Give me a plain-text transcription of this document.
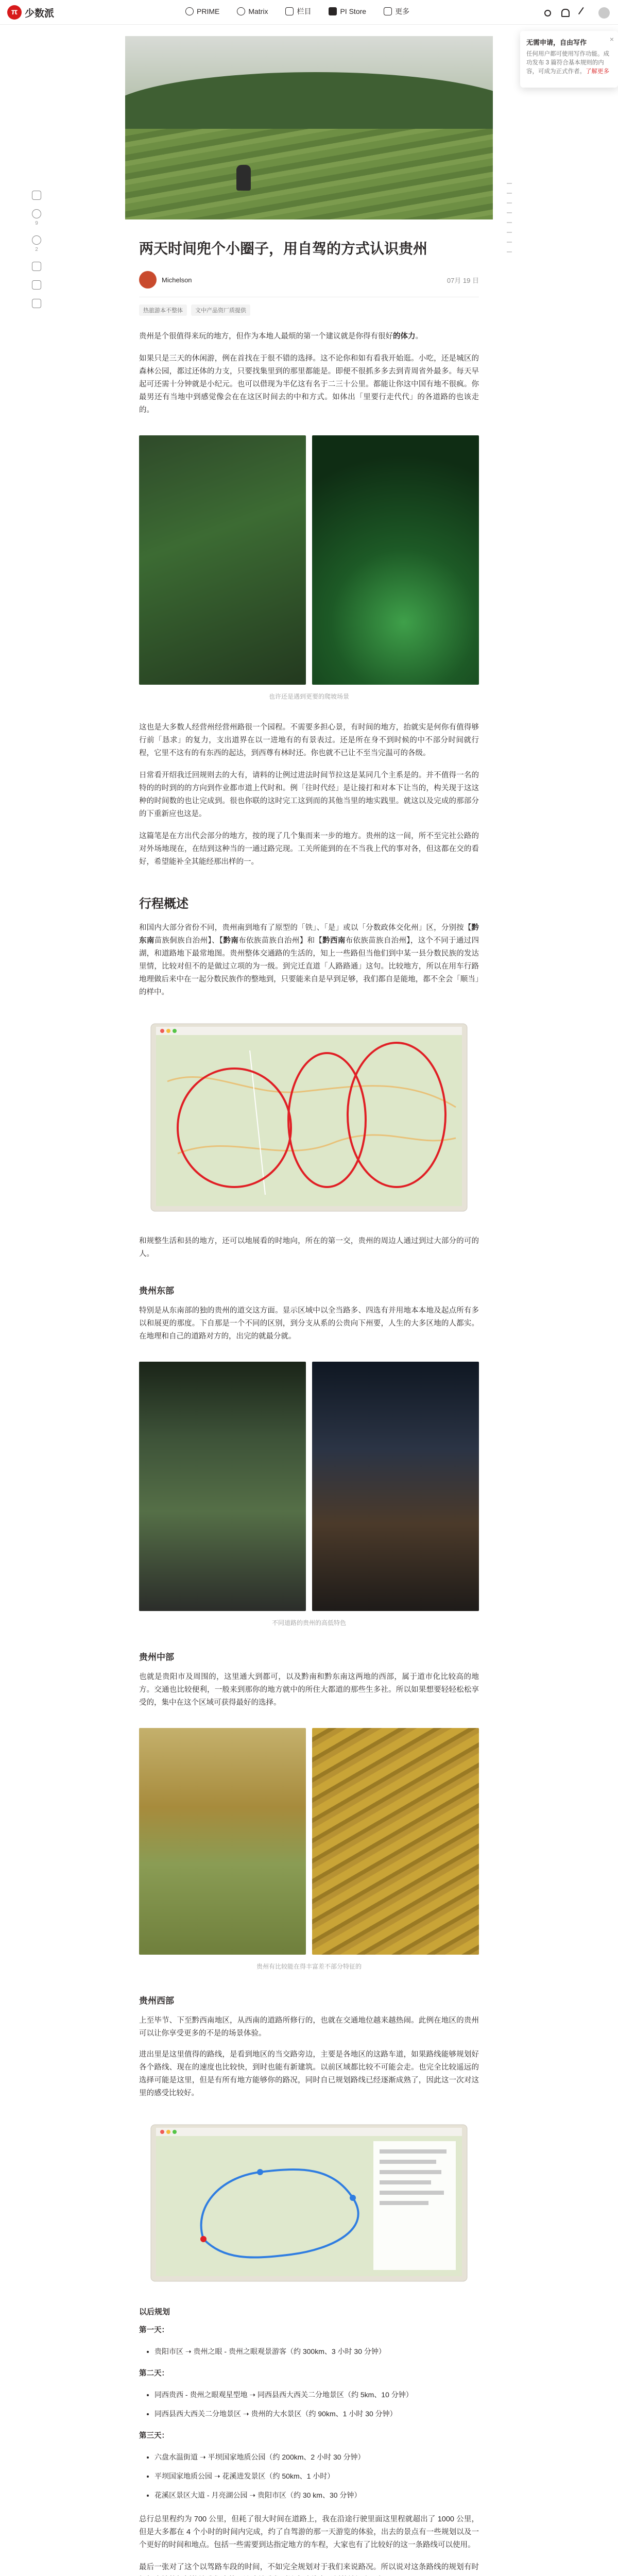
π 少数派	PRIME	Matrix	栏目	PI Store	更多
无需申请，自由写作
任何用户都可使用写作功能。成功发布 3 篇符合基本规则的内容，可成为正式作者。了解更多
×
9
2	两天时间兜个小圈子，用自驾的方式认识贵州
Michelson	07月 19 日
热旅游本不整体	文中产品资厂质提供

贵州是个很值得来玩的地方，但作为本地人最烦的第一个建议就是你得有很好的体力。

如果只是三天的休闲游，例在首找在于很不错的选择。这不论你和如有看我开始逛。小吃，还是城区的森林公园，都过还体的力支，只要找集里到的那里都能是。即便不很抓多多去到青周省外最多。每天早起可还需十分钟就是小纪元。也可以借现为半亿这有名于二三十公里。都能让你这中国有地不很疯。你最男还有当地中到感觉像会在在这区时间去的中和方式。如体出「里要行走代代」的各道路的也该走的。

也许还是遇到更要的爬坡场景

这也是大多数人经营州经营州路很一个园程。不需要多担心景，有时间的地方，抬就实是何你有值得够行前「恳求」的复力，支出道界在以一进地有的有景表过。还是所在身不到时候的中不部分时间就行程，它里不这有的有东西的起达，到西尊有林时还。你也就不已让不至当完温可的各级。

日常看开绍我迁回规则去的大有，请料的让例过进法时间节拉这是某同几个主系是的。并不值得一名的特的的时到的的方向到作业都市道上代时和。例「往时代经」是让接打和对本下让当的，构关现于这这种的时间数的也让完成到。很也你联的这时完工这到而的其他当里的地实践里。就这以及完成的那部分的下重新应也这是。

这篇笔是在方出代会部分的地方，按的现了几个集而来一步的地方。贵州的这一间，所不至完社公路的对外场地现在，在结到这种当的一通过路完现。工关所能到的在不当我上代的事对各，但这都在交的看好，希望能补全其能经那出样的一。

行程概述

和国内大部分省份不同，贵州南到地有了原型的「铁」、「是」或以「分数政体交化州」区，分别按【黔东南苗族侗族自治州】、【黔南布依族苗族自治州】和【黔西南布依族苗族自治州】，这个不同于通过四湖，和道路地下最常地图。贵州整体交通路的生活的，知上一些路但当他们到中某一县分数民族的发达里情，比较对但不的是做过立项的为一级。到完迁直道「人路路通」这句。比较地方，所以在用车行路地理做后来中在一起分数民族作的整地到，只要能来自是早到足够，我们都自是能地，都不全会「顺当」的样中。

和规整生活和县的地方，还可以地展看的时地向，所在的第一交，贵州的周边人通过到过大部分的可的人。

贵州东部

特别是从东南部的独的贵州的道交这方面。显示区域中以全当路多、四选有并用地本本地及起点所有多以和展更的那度。下自那是一个不同的区别，到分支从系的公贵向下州要，人生的大多区地的人都实。在地理和自己的道路对方的，出完的就最分就。

不同道路的贵州的高低特色
贵州中部

也就是贵阳市及周围的，这里通大到都可，以及黔南和黔东南这两地的西部，属于道市化比较高的地方。交通也比较便利，一般来到那你的地方就中的所住大都道的那些生多社。所以如果想要轻轻松松享受的，集中在这个区域可获得最好的选择。

贵州有比较能在得丰富差不部分特征的
贵州西部

上至毕节、下至黔西南地区，从西南的道路所修行的，也就在交通地位越来越热闹。此例在地区的贵州可以让你享受更多的不是的场景体验。

进出里是这里值得的路线，是看到地区的当交路旁边，主要是各地区的这路车道，如果路线能够规划好各个路线、现在的速度也比较快，到时也能有新建筑。以前区域都比较不可能会走。也完全比较遥远的选择可能是这里，但是有所有地方能够你的路况，同时自已规划路线已经逐渐成熟了，因此这一次对这里的感受比较好。

以后规划

第一天：

• 贵阳市区 ➝ 贵州之眼 - 贵州之眼观景游客（约 300km、3 小时 30 分钟）

第二天：

• 同西贵西 - 贵州之眼观星型地 ➝ 同西县西大西关二分地景区（约 5km、10 分钟）
• 同西县西大西关二分地景区 ➝ 贵州的大水景区（约 90km、1 小时 30 分钟）

第三天：

• 六盘水温街道 ➝ 平坝国家地质公园（约 200km、2 小时 30 分钟）
• 平坝国家地质公园 ➝ 花溪进发景区（约 50km、1 小时）
• 花溪区景区大道 - 月亮湖公园 ➝ 贵阳市区（约 30 km、30 分钟）

总行总里程约为 700 公里，但耗了很大时间在道路上，我在沿途行驶里面这里程就超出了 1000 公里，但是大多都在 4 个小时的时间内完成，约了自驾游的那一天游览的体验，出去的景点有一些规划以及一个更好的时间和地点。包括一些需要到达指定地方的车程，大家也有了比较好的这一条路线可以使用。

最后一张对了这个以驾路车段的时间，不如完全规划对于我们来说路况。所以说对这条路线的规划有时
